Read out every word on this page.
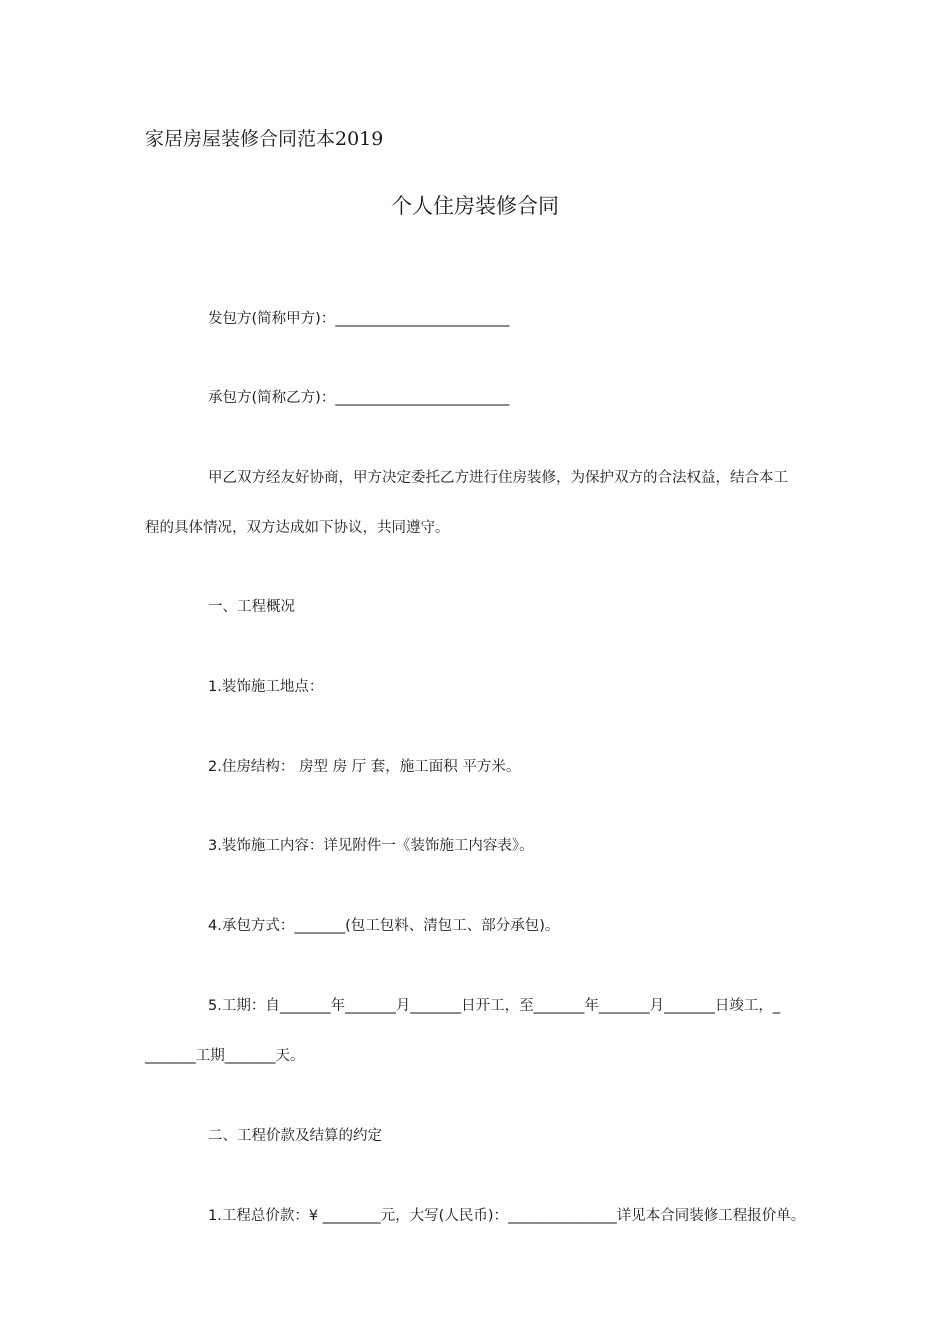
家居房屋装修合同范本2019
个人住房装修合同
发包方(简称甲方)：________________________
承包方(简称乙方)：________________________
甲乙双方经友好协商，甲方决定委托乙方进行住房装修，为保护双方的合法权益，结合本工
程的具体情况，双方达成如下协议，共同遵守。
一、工程概况
1.装饰施工地点：
2.住房结构： 房型 房 厅 套，施工面积 平方米。
3.装饰施工内容：详见附件一《装饰施工内容表》。
4.承包方式：_______(包工包料、清包工、部分承包)。
5.工期：自_______年_______月_______日开工，至_______年_______月_______日竣工，_
_______工期_______天。
二、工程价款及结算的约定
1.工程总价款：¥ ________元，大写(人民币)：_______________详见本合同装修工程报价单。
